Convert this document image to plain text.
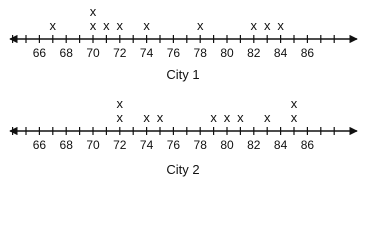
66 68 70 72 74 76 78 80 82 84 86
x	x
x
x x x	x	x x x
City 1
66 68 70 72 74 76 78 80 82 84 86
x
x
x x	x x x x x
x
City 2
